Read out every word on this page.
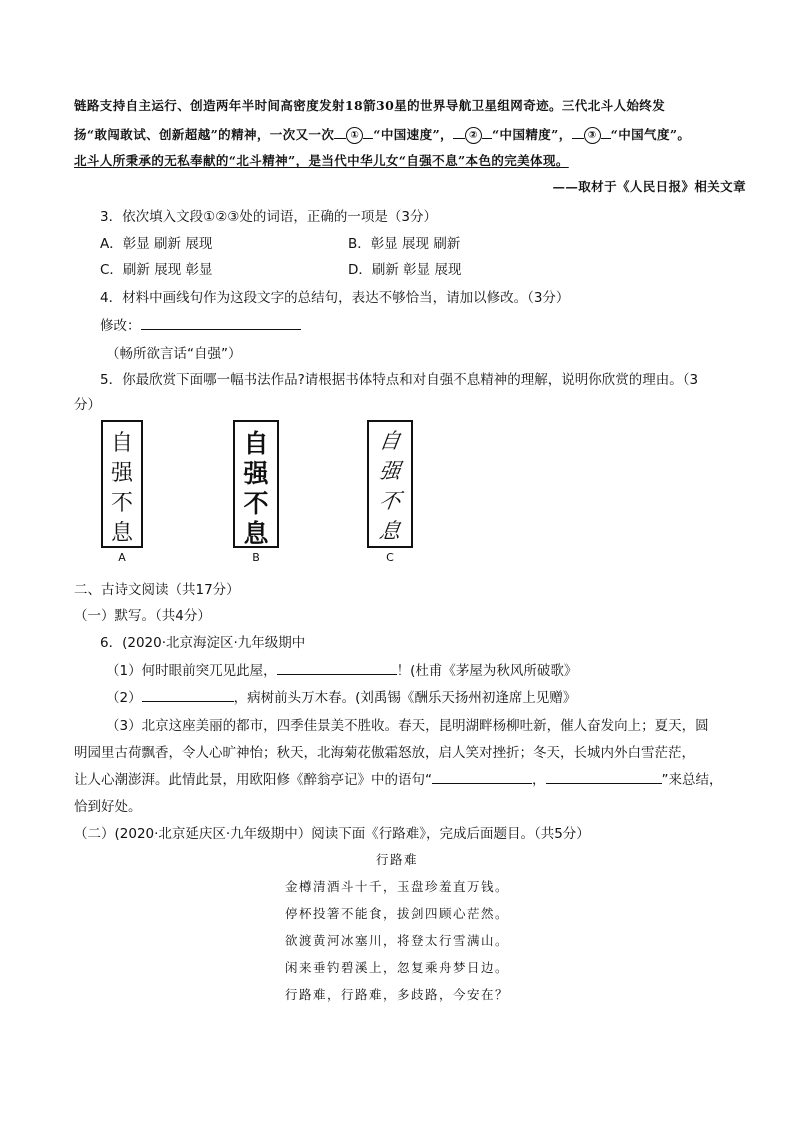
链路支持自主运行、创造两年半时间高密度发射18箭30星的世界导航卫星组网奇迹。三代北斗人始终发
扬“敢闯敢试、创新超越”的精神，一次又一次 ① “中国速度”， ② “中国精度”， ③ “中国气度”。
北斗人所秉承的无私奉献的“北斗精神”，是当代中华儿女“自强不息”本色的完美体现。
——取材于《人民日报》相关文章
3．依次填入文段①②③处的词语，正确的一项是（3分）
A．彰显 刷新 展现	B．彰显 展现 刷新
C．刷新 展现 彰显	D．刷新 彰显 展现
4．材料中画线句作为这段文字的总结句，表达不够恰当，请加以修改。（3分）
修改：
（畅所欲言话“自强”）
5．你最欣赏下面哪一幅书法作品?请根据书体特点和对自强不息精神的理解，说明你欣赏的理由。（3
分）
自
强
不
息
A
自
强
不
息
B
自
强
不
息
C
二、古诗文阅读（共17分）
（一）默写。（共4分）
6．(2020·北京海淀区·九年级期中
（1）何时眼前突兀见此屋，	！(杜甫《茅屋为秋风所破歌》
（2）	，病树前头万木春。(刘禹锡《酬乐天扬州初逢席上见赠》
（3）北京这座美丽的都市，四季佳景美不胜收。春天，昆明湖畔杨柳吐新，催人奋发向上；夏天，圆
明园里古荷飘香，令人心旷神怡；秋天，北海菊花傲霜怒放，启人笑对挫折；冬天，长城内外白雪茫茫，
让人心潮澎湃。此情此景，用欧阳修《醉翁亭记》中的语句“	，	”来总结，
恰到好处。
（二）(2020·北京延庆区·九年级期中）阅读下面《行路难》，完成后面题目。（共5分）
行路难
金樽清酒斗十千，玉盘珍羞直万钱。
停杯投箸不能食，拔剑四顾心茫然。
欲渡黄河冰塞川，将登太行雪满山。
闲来垂钓碧溪上，忽复乘舟梦日边。
行路难，行路难，多歧路，今安在？
